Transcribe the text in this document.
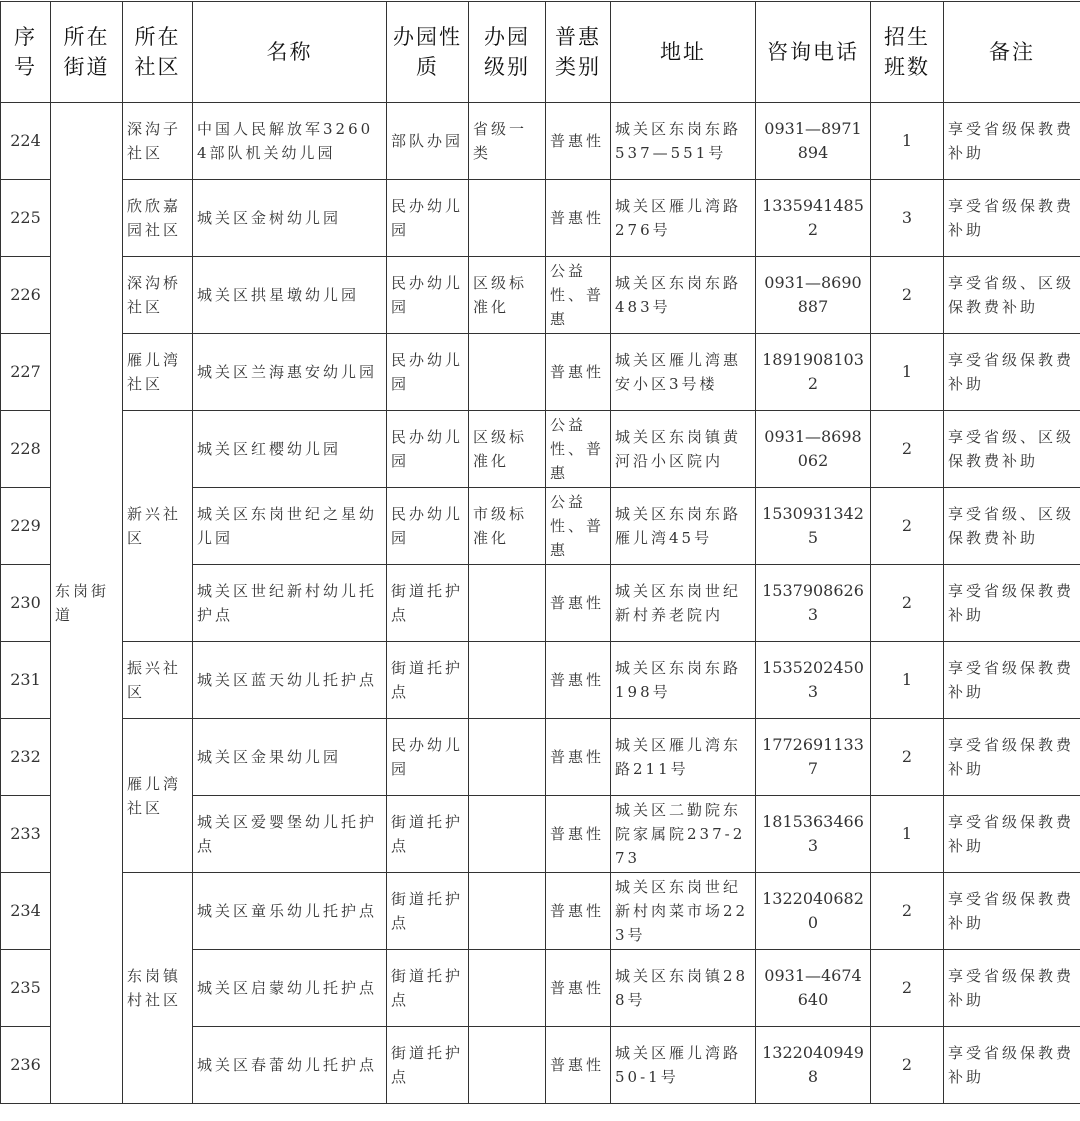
序号	所在街道	所在社区	名称	办园性质	办园级别	普惠类别	地址	咨询电话	招生班数	备注
224	东岗街道	深沟子社区	中国人民解放军32604部队机关幼儿园	部队办园	省级一类	普惠性	城关区东岗东路537—551号	0931—8971894	1	享受省级保教费补助
225		欣欣嘉园社区	城关区金树幼儿园	民办幼儿园		普惠性	城关区雁儿湾路276号	13359414852	3	享受省级保教费补助
226		深沟桥社区	城关区拱星墩幼儿园	民办幼儿园	区级标准化	公益性、普惠	城关区东岗东路483号	0931—8690887	2	享受省级、区级保教费补助
227		雁儿湾社区	城关区兰海惠安幼儿园	民办幼儿园		普惠性	城关区雁儿湾惠安小区3号楼	18919081032	1	享受省级保教费补助
228		新兴社区	城关区红樱幼儿园	民办幼儿园	区级标准化	公益性、普惠	城关区东岗镇黄河沿小区院内	0931—8698062	2	享受省级、区级保教费补助
229			城关区东岗世纪之星幼儿园	民办幼儿园	市级标准化	公益性、普惠	城关区东岗东路雁儿湾45号	15309313425	2	享受省级、区级保教费补助
230			城关区世纪新村幼儿托护点	街道托护点		普惠性	城关区东岗世纪新村养老院内	15379086263	2	享受省级保教费补助
231		振兴社区	城关区蓝天幼儿托护点	街道托护点		普惠性	城关区东岗东路198号	15352024503	1	享受省级保教费补助
232		雁儿湾社区	城关区金果幼儿园	民办幼儿园		普惠性	城关区雁儿湾东路211号	17726911337	2	享受省级保教费补助
233			城关区爱婴堡幼儿托护点	街道托护点		普惠性	城关区二勤院东院家属院237-273	18153634663	1	享受省级保教费补助
234		东岗镇村社区	城关区童乐幼儿托护点	街道托护点		普惠性	城关区东岗世纪新村肉菜市场223号	13220406820	2	享受省级保教费补助
235			城关区启蒙幼儿托护点	街道托护点		普惠性	城关区东岗镇288号	0931—4674640	2	享受省级保教费补助
236			城关区春蕾幼儿托护点	街道托护点		普惠性	城关区雁儿湾路50-1号	13220409498	2	享受省级保教费补助
